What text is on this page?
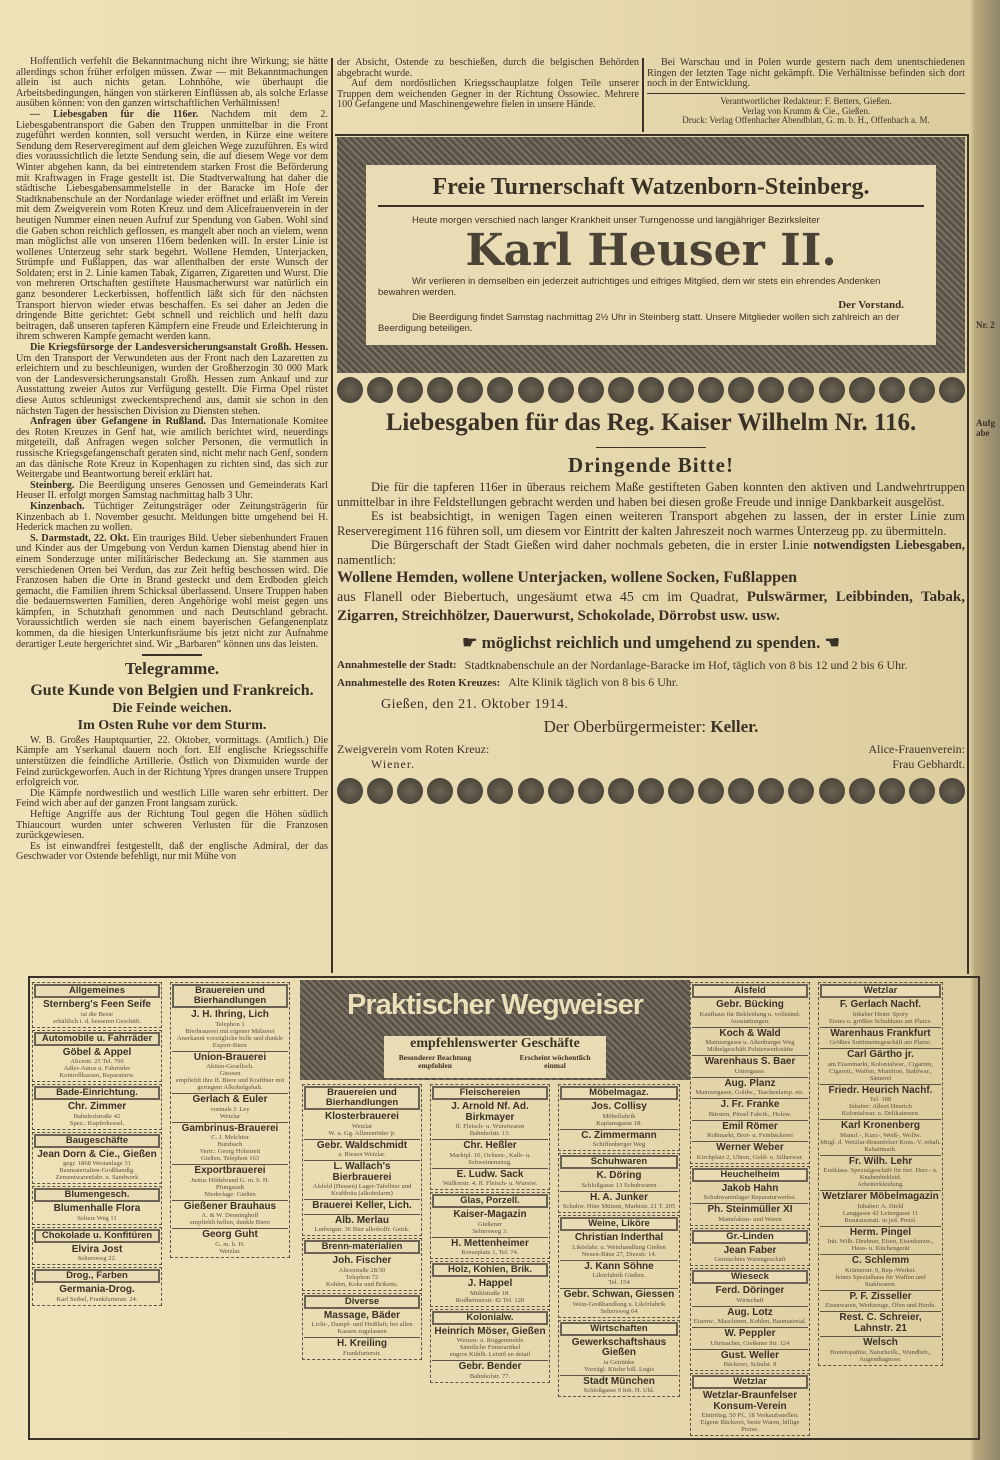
Hoffentlich verfehlt die Bekanntmachung nicht ihre Wirkung; sie hätte allerdings schon früher erfolgen müssen. Zwar — mit Bekanntmachungen allein ist auch nichts getan. Lohnhöhe, wie überhaupt die Arbeitsbedingungen, hängen von stärkeren Einflüssen ab, als solche Erlasse ausüben können: von den ganzen wirtschaftlichen Verhältnissen!

— Liebesgaben für die 116er. Nachdem mit dem 2. Liebesgabentransport die Gaben den Truppen unmittelbar in die Front zugeführt werden konnten, soll versucht werden, in Kürze eine weitere Sendung dem Reserveregiment auf dem gleichen Wege zuzuführen. Es wird dies voraussichtlich die letzte Sendung sein, die auf diesem Wege vor dem Winter abgehen kann, da bei eintretendem starken Frost die Beförderung mit Kraftwagen in Frage gestellt ist. Die Stadtverwaltung hat daher die städtische Liebesgabensammelstelle in der Baracke im Hofe der Stadtknabenschule an der Nordanlage wieder eröffnet und erläßt im Verein mit dem Zweigverein vom Roten Kreuz und dem Alicefrauenverein in der heutigen Nummer einen neuen Aufruf zur Spendung von Gaben. Wohl sind die Gaben schon reichlich geflossen, es mangelt aber noch an vielem, wenn man möglichst alle von unseren 116ern bedenken will. In erster Linie ist wollenes Unterzeug sehr stark begehrt. Wollene Hemden, Unterjacken, Strümpfe und Fußlappen, das war allenthalben der erste Wunsch der Soldaten; erst in 2. Linie kamen Tabak, Zigarren, Zigaretten und Wurst. Die von mehreren Ortschaften gestiftete Hausmacherwurst war natürlich ein ganz besonderer Leckerbissen, hoffentlich läßt sich für den nächsten Transport hiervon wieder etwas beschaffen. Es sei daher an Jeden die dringende Bitte gerichtet: Gebt schnell und reichlich und helft dazu beitragen, daß unseren tapferen Kämpfern eine Freude und Erleichterung in ihrem schweren Kampfe gemacht werden kann.

Die Kriegsfürsorge der Landesversicherungsanstalt Großh. Hessen. Um den Transport der Verwundeten aus der Front nach den Lazaretten zu erleichtern und zu beschleunigen, wurden der Großherzogin 30 000 Mark von der Landesversicherungsanstalt Großh. Hessen zum Ankauf und zur Ausstattung zweier Autos zur Verfügung gestellt. Die Firma Opel rüstet diese Autos schleunigst zweckentsprechend aus, damit sie schon in den nächsten Tagen der hessischen Division zu Diensten stehen.

Anfragen über Gefangene in Rußland. Das Internationale Komitee des Roten Kreuzes in Genf hat, wie amtlich berichtet wird, neuerdings mitgeteilt, daß Anfragen wegen solcher Personen, die vermutlich in russische Kriegsgefangenschaft geraten sind, nicht mehr nach Genf, sondern an das dänische Rote Kreuz in Kopenhagen zu richten sind, das sich zur Weitergabe und Beantwortung bereit erklärt hat.

Steinberg. Die Beerdigung unseres Genossen und Gemeinderats Karl Heuser II. erfolgt morgen Samstag nachmittag halb 3 Uhr.

Kinzenbach. Tüchtiger Zeitungsträger oder Zeitungsträgerin für Kinzenbach ab 1. November gesucht. Meldungen bitte umgehend bei H. Hederick machen zu wollen.

S. Darmstadt, 22. Okt. Ein trauriges Bild. Ueber siebenhundert Frauen und Kinder aus der Umgebung von Verdun kamen Dienstag abend hier in einem Sonderzuge unter militärischer Bedeckung an. Sie stammen aus verschiedenen Orten bei Verdun, das zur Zeit heftig beschossen wird. Die Franzosen haben die Orte in Brand gesteckt und dem Erdboden gleich gemacht, die Familien ihrem Schicksal überlassend. Unsere Truppen haben die bedauernswerten Familien, deren Angehörige wohl meist gegen uns kämpfen, in Schutzhaft genommen und nach Deutschland gebracht. Voraussichtlich werden sie nach einem bayerischen Gefangenenplatz kommen, da die hiesigen Unterkunftsräume bis jetzt nicht zur Aufnahme derartiger Leute hergerichtet sind. Wir „Barbaren“ können uns das leisten.

Telegramme.
Gute Kunde von Belgien und Frankreich.
Die Feinde weichen.
Im Osten Ruhe vor dem Sturm.

W. B. Großes Hauptquartier, 22. Oktober, vormittags. (Amtlich.) Die Kämpfe am Yserkanal dauern noch fort. Elf englische Kriegsschiffe unterstützen die feindliche Artillerie. Östlich von Dixmuiden wurde der Feind zurückgeworfen. Auch in der Richtung Ypres drangen unsere Truppen erfolgreich vor.

Die Kämpfe nordwestlich und westlich Lille waren sehr erbittert. Der Feind wich aber auf der ganzen Front langsam zurück.

Heftige Angriffe aus der Richtung Toul gegen die Höhen südlich Thiaucourt wurden unter schweren Verlusten für die Franzosen zurückgewiesen.

Es ist einwandfrei festgestellt, daß der englische Admiral, der das Geschwader vor Ostende befehligt, nur mit Mühe von

der Absicht, Ostende zu beschießen, durch die belgischen Behörden abgebracht wurde.

Auf dem nordöstlichen Kriegsschauplatze folgen Teile unserer Truppen dem weichenden Gegner in der Richtung Ossowiec. Mehrere 100 Gefangene und Maschinengewehre fielen in unsere Hände.

Bei Warschau und in Polen wurde gestern nach dem unentschiedenen Ringen der letzten Tage nicht gekämpft. Die Verhältnisse befinden sich dort noch in der Entwicklung.

Verantwortlicher Redakteur: F. Betters, Gießen.
Verlag von Krumm & Cie., Gießen.
Druck: Verlag Offenbacher Abendblatt, G. m. b. H., Offenbach a. M.
Freie Turnerschaft Watzenborn-Steinberg.
Heute morgen verschied nach langer Krankheit unser Turngenosse und langjähriger Bezirksleiter
Karl Heuser II.
Wir verlieren in demselben ein jederzeit aufrichtiges und eifriges Mitglied, dem wir stets ein ehrendes Andenken bewahren werden.
Der Vorstand.
Die Beerdigung findet Samstag nachmittag 2½ Uhr in Steinberg statt. Unsere Mitglieder wollen sich zahlreich an der Beerdigung beteiligen.
Liebesgaben für das Reg. Kaiser Wilhelm Nr. 116.
Dringende Bitte!

Die für die tapferen 116er in überaus reichem Maße gestifteten Gaben konnten den aktiven und Landwehrtruppen unmittelbar in ihre Feldstellungen gebracht werden und haben bei diesen große Freude und innige Dankbarkeit ausgelöst.

Es ist beabsichtigt, in wenigen Tagen einen weiteren Transport abgehen zu lassen, der in erster Linie zum Reserveregiment 116 führen soll, um diesem vor Eintritt der kalten Jahreszeit noch warmes Unterzeug pp. zu übermitteln.

Die Bürgerschaft der Stadt Gießen wird daher nochmals gebeten, die in erster Linie notwendigsten Liebesgaben, namentlich:

Wollene Hemden, wollene Unterjacken, wollene Socken, Fußlappen
aus Flanell oder Biebertuch, ungesäumt etwa 45 cm im Quadrat, Pulswärmer, Leibbinden, Tabak, Zigarren, Streichhölzer, Dauerwurst, Schokolade, Dörrobst usw. usw.
☛ möglichst reichlich und umgehend zu spenden. ☚
Annahmestelle der Stadt: Stadtknabenschule an der Nordanlage-Baracke im Hof, täglich von 8 bis 12 und 2 bis 6 Uhr.
Annahmestelle des Roten Kreuzes: Alte Klinik täglich von 8 bis 6 Uhr.
Gießen, den 21. Oktober 1914.
Der Oberbürgermeister: Keller.
Zweigverein vom Roten Kreuz:
Wiener.
Alice-Frauenverein:
Frau Gebhardt.
Nr. 2
Aufgabe
Praktischer Wegweiser
empfehlenswerter Geschäfte
Besonderer Beachtung empfohlen
Erscheint wöchentlich einmal
Allgemeines
Sternberg's Feen Seife
ist die Beste
erhältlich i. d. besseren Geschäft.
Automobile u. Fahrräder
Göbel & Appel
Alicestr. 25 Tel. 790
Adler-Autos u. Fahrräder
Kontrollkassen, Reparaturw.
Bade-Einrichtung.
Chr. Zimmer
Bahnhofstraße 42
Spez.: Kupferkessel.
Baugeschäfte
Jean Dorn & Cie., Gießen
gegr. 1868 Westanlage 31
Baumaterialien-Großhandlg.
Zementwarenfabr. u. Sandwerk
Blumengesch.
Blumenhalle Flora
Selters Weg 11
Chokolade u. Konfitüren
Elvira Jost
Seltersweg 22.
Drog., Farben
Germania-Drog.
Karl Seibel, Frankfurterstr. 24.
Brauereien und Bierhandlungen
J. H. Ihring, Lich
Telephon 1
Bierbrauerei mit eigener Mälzerei
Anerkannt vorzügliche helle und dunkle
Export-Biere
Union-Brauerei
Aktien-Gesellsch.
Giessen
empfiehlt ihre ff. Biere und Kraftbier mit geringem Alkoholgehalt.
Gerlach & Euler
vormals J. Ley
Wetzlar
Gambrinus-Brauerei
C. J. Melchior
Butzbach
Vertr.: Georg Hohstreit
Gießen. Telephon 163
Exportbrauerei
Justus Hildebrand G. m. b. H.
Pfungstadt
Niederlage: Gießen
Gießener Brauhaus
A. & W. Denninghoff
empfiehlt hellen, dunkle Biere
Georg Guht
G. m. b. H.
Wetzlar.
Brauereien und Bierhandlungen
Klosterbrauerei
Wetzlar
W. u. Gg. Allmenröder jr.
Gebr. Waldschmidt
z. Riesen Wetzlar.
L. Wallach's Bierbrauerei
Alsfeld (Hessen) Lager-Tafelbier und Kraftbräu (alkoholarm)
Brauerei Keller, Lich.
Alb. Merlau
Ludwigstr. 36 Bier alkoholfr. Getrk.
Brenn-materialien
Joh. Fischer
Alicestraße 28/30
Telephon 72
Kohlen, Koks und Briketts.
Diverse
Massage, Bäder
Licht-, Dampf- und Heißluft; bei allen Kassen zugelassen
H. Kreiling
Frankfurterstr.
Fleischereien
J. Arnold Nf. Ad. Birkmayer
ff. Fleisch- u. Wurstwaren
Bahnhofstr. 13.
Chr. Heßler
Marktpl. 10, Ochsen-, Kalb- u. Schweinemetzg.
E. Ludw. Sack
Walltorstr. 4, ff. Fleisch- u. Wurstw.
Glas, Porzell.
Kaiser-Magazin
Gießener
Seltersweg 3.
H. Mettenheimer
Kreuzplatz 1, Tel. 74.
Holz, Kohlen, Brik.
J. Happel
Mühlstraße 18.
Rodheimerstr. 42 Tel. 128
Kolonialw.
Heinrich Möser, Gießen
Weizen- u. Roggenmehle
Sämtliche Futterartikel
engros Kühlh. Leinöl en detail
Gebr. Bender
Bahnhofstr. 77.
Möbelmagaz.
Jos. Collisy
Möbelfabrik
Kaplansgasse 18.
C. Zimmermann
Schiffenberger Weg
Schuhwaren
K. Döring
Schloßgasse 13 Schuhwaren
H. A. Junker
Schuhw. Hüte Mützen, Marktstr. 21 T. 205
Weine, Liköre
Christian Inderthal
Likörfabr. u. Weinhandlung Gießen
Neuen-Bäue 27, Diezstr. 14.
J. Kann Söhne
Likörfabrik Gießen.
Tel. 154
Gebr. Schwan, Giessen
Wein-Großhandlung u. Likörfabrik
Seltersweg 64
Wirtschaften
Gewerkschaftshaus Gießen
ia Getränke
Vorzügl. Küche bill. Logis
Stadt München
Schloßgasse 9 Inh. H. Uhl.
Alsfeld
Gebr. Bücking
Kaufhaus für Bekleidung u. vollständ. Ausstattungen.
Koch & Wald
Mainzergasse u. Altenburger Weg
Möbelgeschäft Polsterwerkstätte
Warenhaus S. Baer
Untergasse.
Aug. Planz
Mainzergasse, Goldw., Taschenlamp. etc.
J. Fr. Franke
Bürsten, Pinsel Fabrik., Holzw.
Emil Römer
Roßmarkt, Brot- u. Feinbäckerei
Werner Weber
Kirchplatz 2, Uhren, Gold- u. Silberwar.
Heuchelheim
Jakob Hahn
Schuhwarenlager Reparaturwerkst.
Ph. Steinmüller XI
Manufaktur- und Waren
Gr.-Linden
Jean Faber
Gemischtes Warengeschäft
Wieseck
Ferd. Döringer
Wirtschaft
Aug. Lotz
Eisenw., Maschinen, Kohlen, Baumaterial.
W. Peppler
Uhrmacher, Gießener Str. 124
Gust. Weller
Bäckerei, Schulst. 8
Wetzlar
Wetzlar-Braunfelser Konsum-Verein
Eintrittsg. 50 Pf., 18 Verkaufsstellen. Eigene Bäckerei, beste Waren, billige Preise.
Wetzlar
F. Gerlach Nachf.
Inhaber Heinr. Spory
Erstes u. größtes Schuhhaus am Platze.
Warenhaus Frankfurt
Größtes Sortimentsgeschäft am Platze.
Carl Gärtho jr.
am Eisenmarkt, Kolonialwar., Cigarren, Cigarett., Waffen, Munition, Stahlwar., Sämerei
Friedr. Heurich Nachf.
Tel. 188
Inhaber: Albert Heurich
Kolonialwar. u. Delikatessen.
Karl Kronenberg
Manuf.-, Kurz-, Weiß-, Wollw.
Mitgl. d. Wetzlar-Braunfelser Kons.-V. erhalt. Rabattmark.
Fr. Wilh. Lehr
Erstklass. Spezialgeschäft für fert. Herr.- u. Knabenbekleid.
Arbeiterkleidung.
Wetzlarer Möbelmagazin
Inhaber: A. Diehl
Langgasse 42 Leitergasse 11
Brautausstatt. in jed. Preisl.
Herm. Pingel
Inh. Wilh. Deubner, Eisen, Eisenkurzw., Haus- u. Küchengerät
C. Schlemm
Krämerstr. 9, Rep.-Werkst.
feines Spezialhaus für Waffen und Stahlwaren.
P. F. Zisseller
Eisenwaren, Werkzeuge, Öfen und Herde.
Rest. C. Schreier, Lahnstr. 21
Welsch
Homöopathie, Naturheilk., Wundbeh., Augendiagnose.
